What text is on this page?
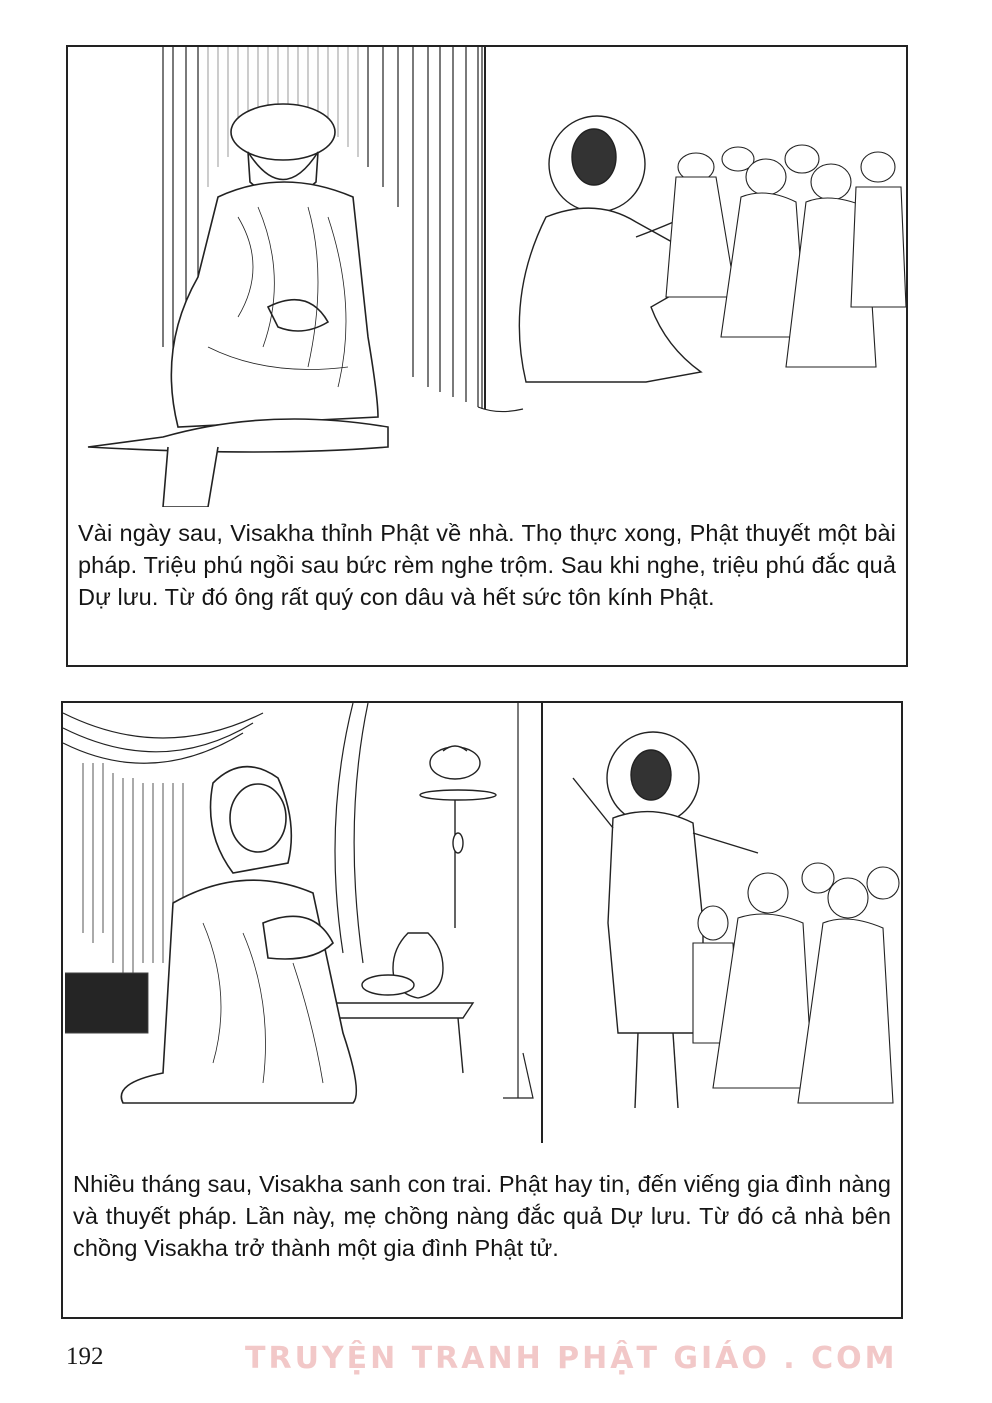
Vài ngày sau, Visakha thỉnh Phật về nhà. Thọ thực xong, Phật thuyết một bài pháp. Triệu phú ngồi sau bức rèm nghe trộm. Sau khi nghe, triệu phú đắc quả Dự lưu. Từ đó ông rất quý con dâu và hết sức tôn kính Phật.
Nhiều tháng sau, Visakha sanh con trai. Phật hay tin, đến viếng gia đình nàng và thuyết pháp. Lần này, mẹ chồng nàng đắc quả Dự lưu. Từ đó cả nhà bên chồng Visakha trở thành một gia đình Phật tử.
192	TRUYỆN TRANH PHẬT GIÁO . COM
